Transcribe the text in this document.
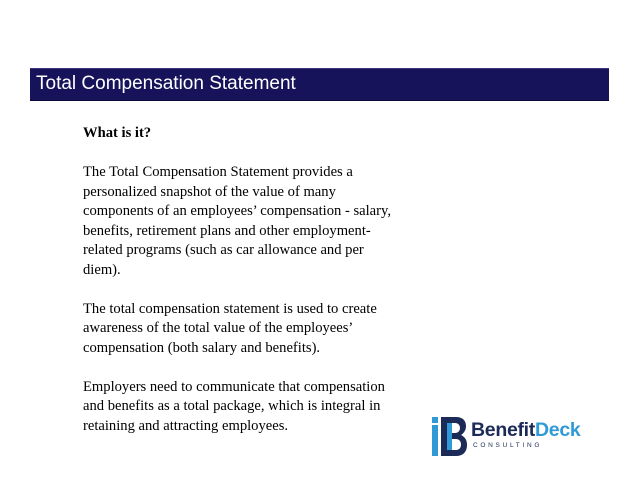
Total Compensation Statement
What is it?
The Total Compensation Statement provides a
personalized snapshot of the value of many
components of an employees’ compensation - salary,
benefits, retirement plans and other employment-
related programs (such as car allowance and per
diem).
The total compensation statement is used to create
awareness of the total value of the employees’
compensation (both salary and benefits).
Employers need to communicate that compensation
and benefits as a total package, which is integral in
retaining and attracting employees.	BenefitDeck
CONSULTING
